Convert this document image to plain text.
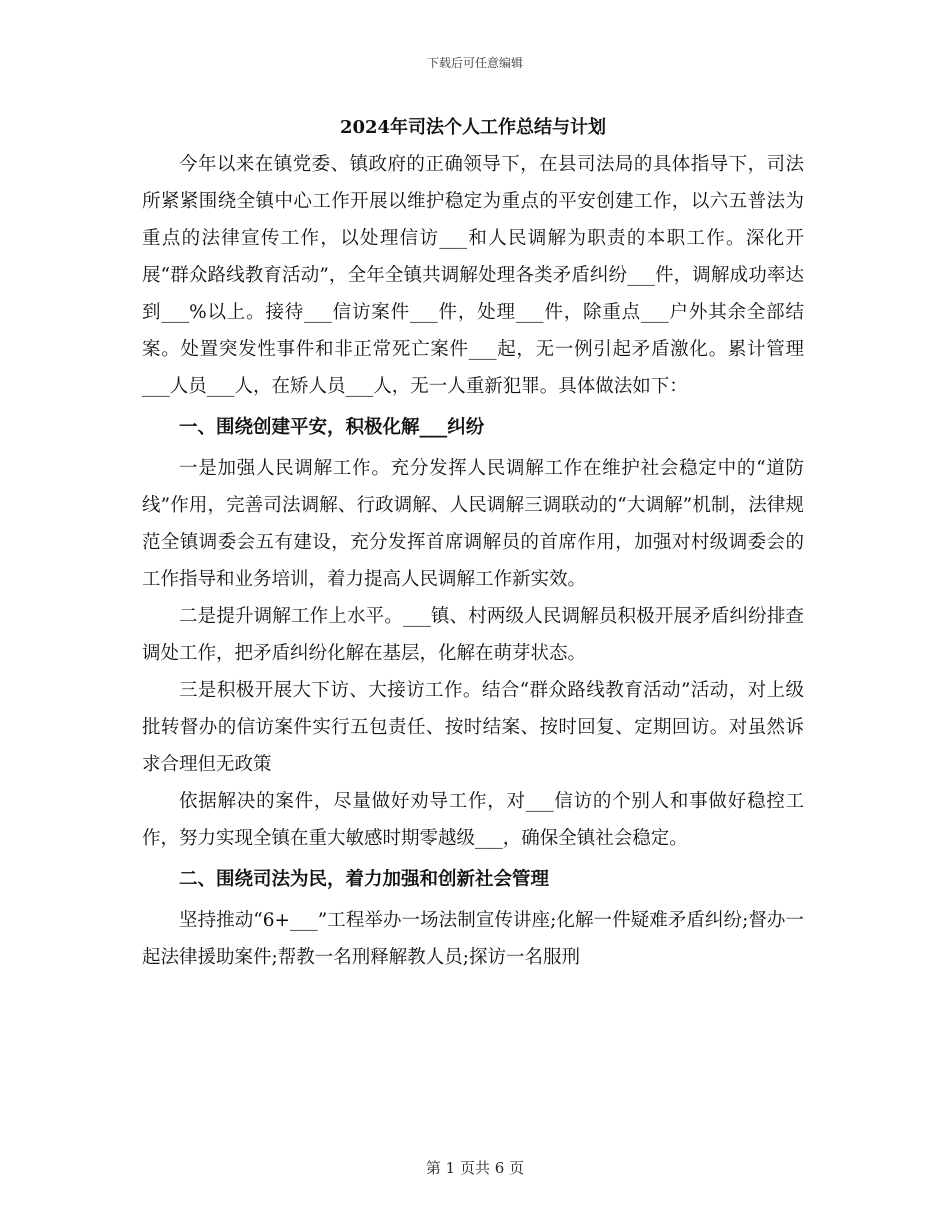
下载后可任意编辑
2024年司法个人工作总结与计划

今年以来在镇党委、镇政府的正确领导下，在县司法局的具体指导下，司法所紧紧围绕全镇中心工作开展以维护稳定为重点的平安创建工作，以六五普法为重点的法律宣传工作，以处理信访___和人民调解为职责的本职工作。深化开展“群众路线教育活动”，全年全镇共调解处理各类矛盾纠纷___件，调解成功率达到___%以上。接待___信访案件___件，处理___件，除重点___户外其余全部结案。处置突发性事件和非正常死亡案件___起，无一例引起矛盾激化。累计管理___人员___人，在矫人员___人，无一人重新犯罪。具体做法如下：

一、围绕创建平安，积极化解___纠纷

一是加强人民调解工作。充分发挥人民调解工作在维护社会稳定中的“道防线”作用，完善司法调解、行政调解、人民调解三调联动的“大调解”机制，法律规范全镇调委会五有建设，充分发挥首席调解员的首席作用，加强对村级调委会的工作指导和业务培训，着力提高人民调解工作新实效。

二是提升调解工作上水平。___镇、村两级人民调解员积极开展矛盾纠纷排查调处工作，把矛盾纠纷化解在基层，化解在萌芽状态。

三是积极开展大下访、大接访工作。结合“群众路线教育活动”活动，对上级批转督办的信访案件实行五包责任、按时结案、按时回复、定期回访。对虽然诉求合理但无政策

依据解决的案件，尽量做好劝导工作，对___信访的个别人和事做好稳控工作，努力实现全镇在重大敏感时期零越级___，确保全镇社会稳定。

二、围绕司法为民，着力加强和创新社会管理

坚持推动“6+___”工程举办一场法制宣传讲座;化解一件疑难矛盾纠纷;督办一起法律援助案件;帮教一名刑释解教人员;探访一名服刑

第 1 页共 6 页
